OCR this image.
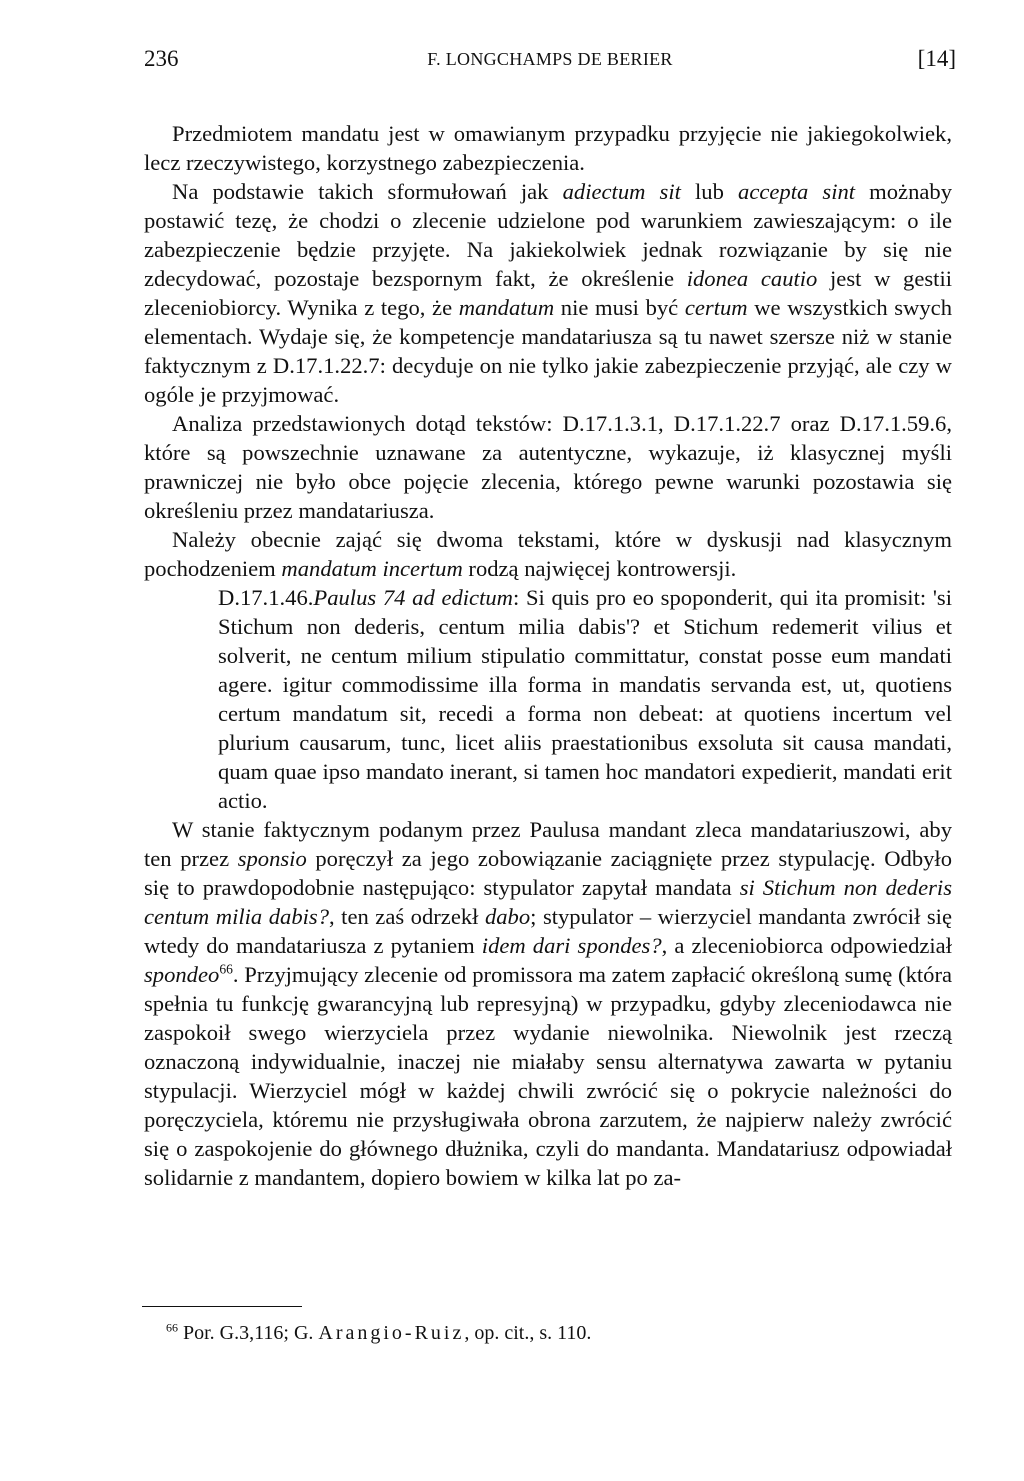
236	F. LONGCHAMPS DE BERIER	[14]

Przedmiotem mandatu jest w omawianym przypadku przyjęcie nie jakiegokolwiek, lecz rzeczywistego, korzystnego zabezpieczenia.

Na podstawie takich sformułowań jak adiectum sit lub accepta sint możnaby postawić tezę, że chodzi o zlecenie udzielone pod warunkiem zawieszającym: o ile zabezpieczenie będzie przyjęte. Na jakiekolwiek jednak rozwiązanie by się nie zdecydować, pozostaje bezspornym fakt, że określenie idonea cautio jest w gestii zleceniobiorcy. Wynika z tego, że mandatum nie musi być certum we wszystkich swych elementach. Wydaje się, że kompetencje mandatariusza są tu nawet szersze niż w stanie faktycznym z D.17.1.22.7: decyduje on nie tylko jakie zabezpieczenie przyjąć, ale czy w ogóle je przyjmować.

Analiza przedstawionych dotąd tekstów: D.17.1.3.1, D.17.1.22.7 oraz D.17.1.59.6, które są powszechnie uznawane za autentyczne, wykazuje, iż klasycznej myśli prawniczej nie było obce pojęcie zlecenia, którego pewne warunki pozostawia się określeniu przez mandatariusza.

Należy obecnie zająć się dwoma tekstami, które w dyskusji nad klasycznym pochodzeniem mandatum incertum rodzą najwięcej kontrowersji.

D.17.1.46.Paulus 74 ad edictum: Si quis pro eo spoponderit, qui ita promisit: 'si Stichum non dederis, centum milia dabis'? et Stichum redemerit vilius et solverit, ne centum milium stipulatio committatur, constat posse eum mandati agere. igitur commodissime illa forma in mandatis servanda est, ut, quotiens certum mandatum sit, recedi a forma non debeat: at quotiens incertum vel plurium causarum, tunc, licet aliis praestationibus exsoluta sit causa mandati, quam quae ipso mandato inerant, si tamen hoc mandatori expedierit, mandati erit actio.

W stanie faktycznym podanym przez Paulusa mandant zleca mandatariuszowi, aby ten przez sponsio poręczył za jego zobowiązanie zaciągnięte przez stypulację. Odbyło się to prawdopodobnie następująco: stypulator zapytał mandata si Stichum non dederis centum milia dabis?, ten zaś odrzekł dabo; stypulator – wierzyciel mandanta zwrócił się wtedy do mandatariusza z pytaniem idem dari spondes?, a zleceniobiorca odpowiedział spondeo$^{66}$. Przyjmujący zlecenie od promissora ma zatem zapłacić określoną sumę (która spełnia tu funkcję gwarancyjną lub represyjną) w przypadku, gdyby zleceniodawca nie zaspokoił swego wierzyciela przez wydanie niewolnika. Niewolnik jest rzeczą oznaczoną indywidualnie, inaczej nie miałaby sensu alternatywa zawarta w pytaniu stypulacji. Wierzyciel mógł w każdej chwili zwrócić się o pokrycie należności do poręczyciela, któremu nie przysługiwała obrona zarzutem, że najpierw należy zwrócić się o zaspokojenie do głównego dłużnika, czyli do mandanta. Mandatariusz odpowiadał solidarnie z mandantem, dopiero bowiem w kilka lat po za-

$^{66}$ Por. G.3,116; G. Arangio-Ruiz, op. cit., s. 110.
